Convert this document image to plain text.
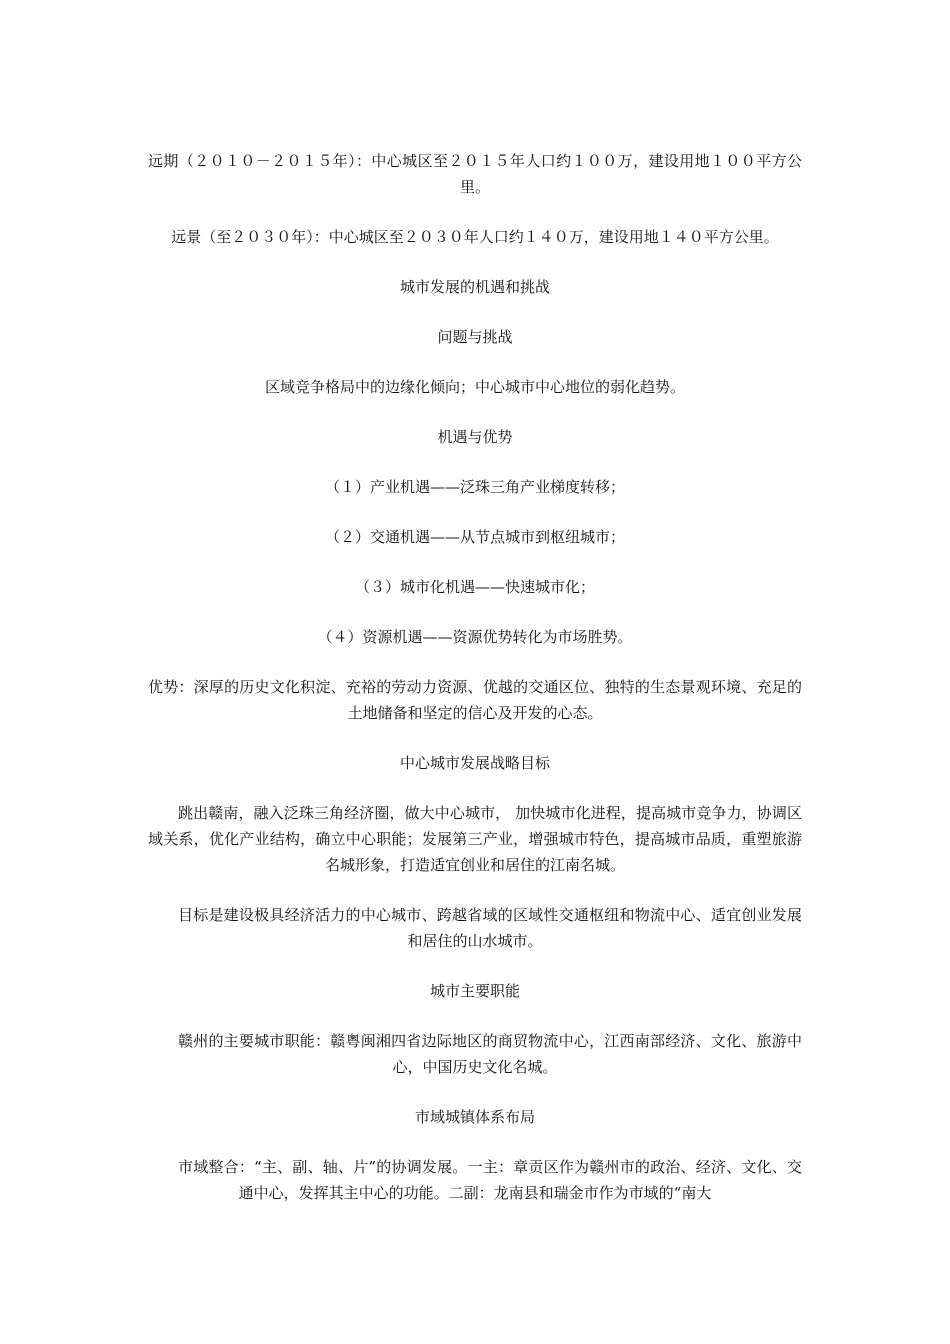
远期（２０１０－２０１５年）：中心城区至２０１５年人口约１００万，建设用地１００平方公里。

远景（至２０３０年）：中心城区至２０３０年人口约１４０万，建设用地１４０平方公里。

城市发展的机遇和挑战

问题与挑战

区域竞争格局中的边缘化倾向；中心城市中心地位的弱化趋势。

机遇与优势

（１）产业机遇——泛珠三角产业梯度转移；

（２）交通机遇——从节点城市到枢纽城市；

（３）城市化机遇——快速城市化；

（４）资源机遇——资源优势转化为市场胜势。

优势：深厚的历史文化积淀、充裕的劳动力资源、优越的交通区位、独特的生态景观环境、充足的土地储备和坚定的信心及开发的心态。

中心城市发展战略目标

跳出赣南，融入泛珠三角经济圈，做大中心城市， 加快城市化进程，提高城市竞争力，协调区域关系，优化产业结构，确立中心职能；发展第三产业，增强城市特色，提高城市品质，重塑旅游名城形象，打造适宜创业和居住的江南名城。

目标是建设极具经济活力的中心城市、跨越省域的区域性交通枢纽和物流中心、适宜创业发展和居住的山水城市。

城市主要职能

赣州的主要城市职能：赣粤闽湘四省边际地区的商贸物流中心，江西南部经济、文化、旅游中心，中国历史文化名城。

市域城镇体系布局

市域整合：“主、副、轴、片”的协调发展。一主：章贡区作为赣州市的政治、经济、文化、交通中心，发挥其主中心的功能。二副：龙南县和瑞金市作为市域的“南大
